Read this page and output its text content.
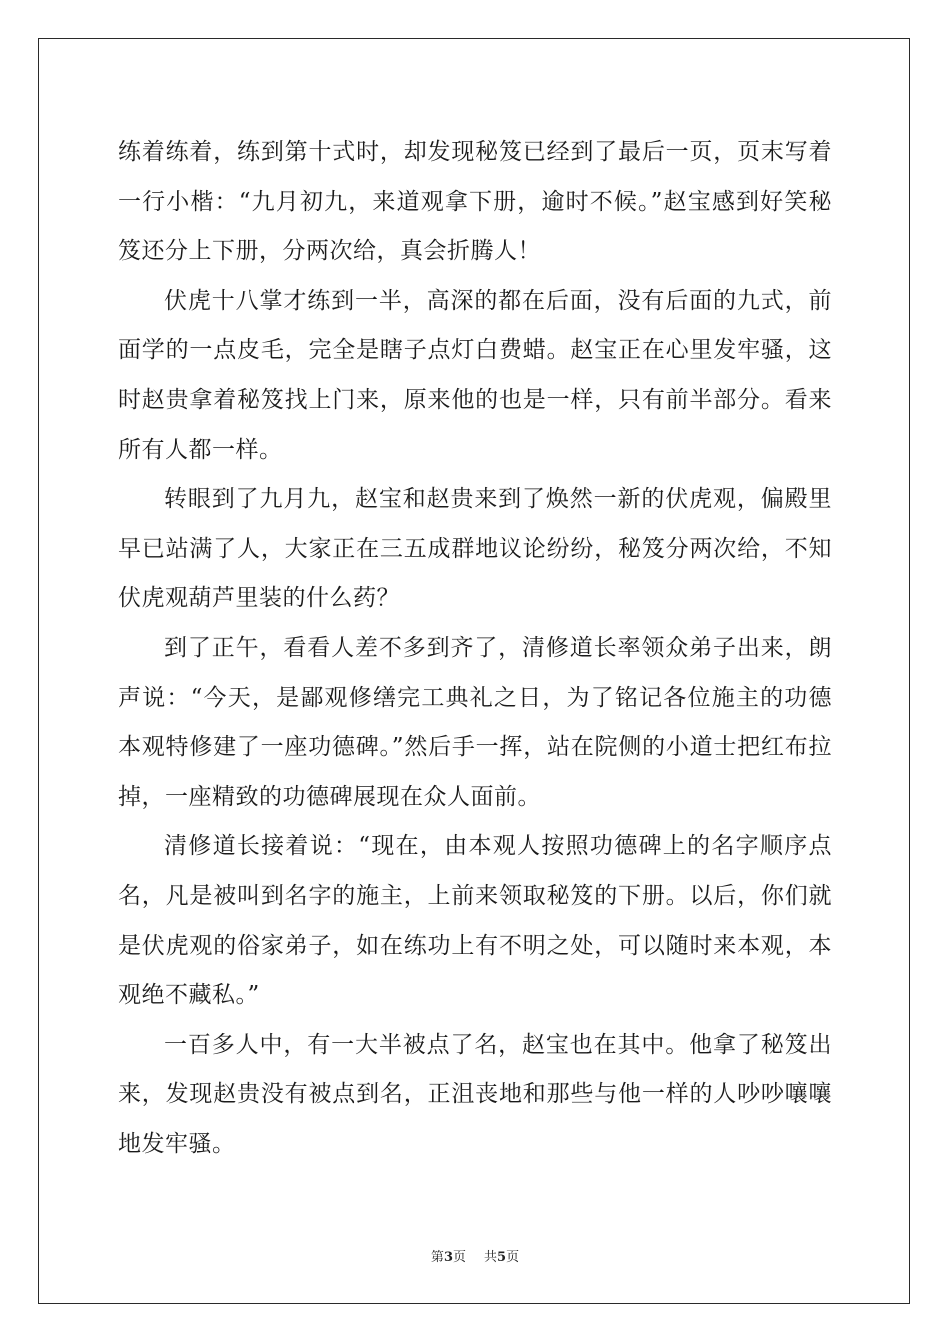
练着练着，练到第十式时，却发现秘笈已经到了最后一页，页末写着一行小楷：“九月初九，来道观拿下册，逾时不候。”赵宝感到好笑秘笈还分上下册，分两次给，真会折腾人！

伏虎十八掌才练到一半，高深的都在后面，没有后面的九式，前面学的一点皮毛，完全是瞎子点灯白费蜡。赵宝正在心里发牢骚，这时赵贵拿着秘笈找上门来，原来他的也是一样，只有前半部分。看来所有人都一样。

转眼到了九月九，赵宝和赵贵来到了焕然一新的伏虎观，偏殿里早已站满了人，大家正在三五成群地议论纷纷，秘笈分两次给，不知伏虎观葫芦里装的什么药？

到了正午，看看人差不多到齐了，清修道长率领众弟子出来，朗声说：“今天，是鄙观修缮完工典礼之日，为了铭记各位施主的功德本观特修建了一座功德碑。”然后手一挥，站在院侧的小道士把红布拉掉，一座精致的功德碑展现在众人面前。

清修道长接着说：“现在，由本观人按照功德碑上的名字顺序点名，凡是被叫到名字的施主，上前来领取秘笈的下册。以后，你们就是伏虎观的俗家弟子，如在练功上有不明之处，可以随时来本观，本观绝不藏私。”

一百多人中，有一大半被点了名，赵宝也在其中。他拿了秘笈出来，发现赵贵没有被点到名，正沮丧地和那些与他一样的人吵吵嚷嚷地发牢骚。

第3页 共5页
